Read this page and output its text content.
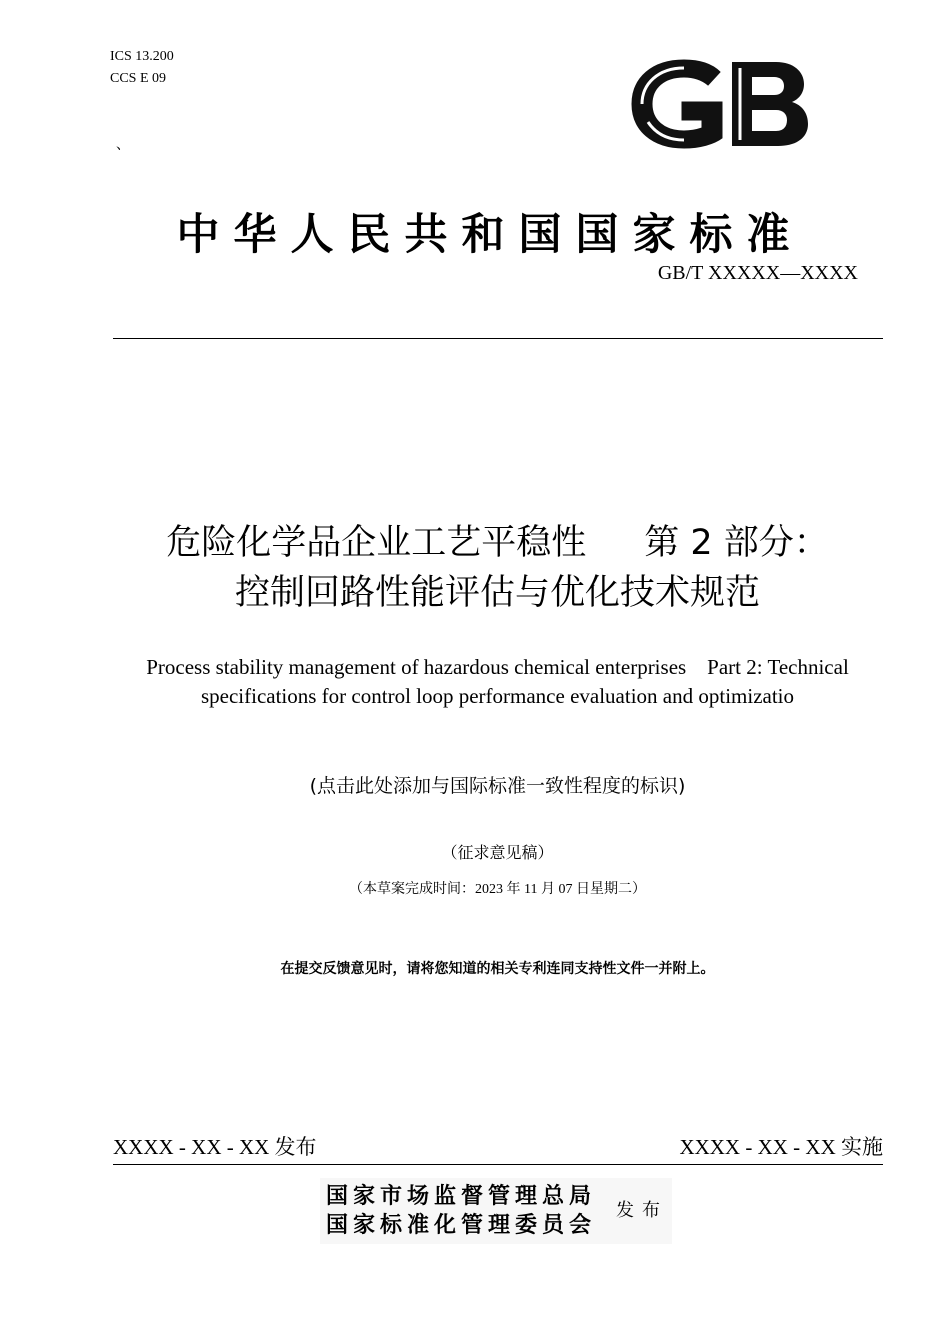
ICS 13.200
CCS E 09
、
中华人民共和国国家标准
GB/T XXXXX—XXXX
危险化学品企业工艺平稳性 第 2 部分：
控制回路性能评估与优化技术规范
Process stability management of hazardous chemical enterprises    Part 2: Technical
specifications for control loop performance evaluation and optimizatio
(点击此处添加与国际标准一致性程度的标识)
（征求意见稿）
（本草案完成时间：2023 年 11 月 07 日星期二）
在提交反馈意见时，请将您知道的相关专利连同支持性文件一并附上。
XXXX - XX - XX 发布	XXXX - XX - XX 实施
国家市场监督管理总局
国家标准化管理委员会
发布
